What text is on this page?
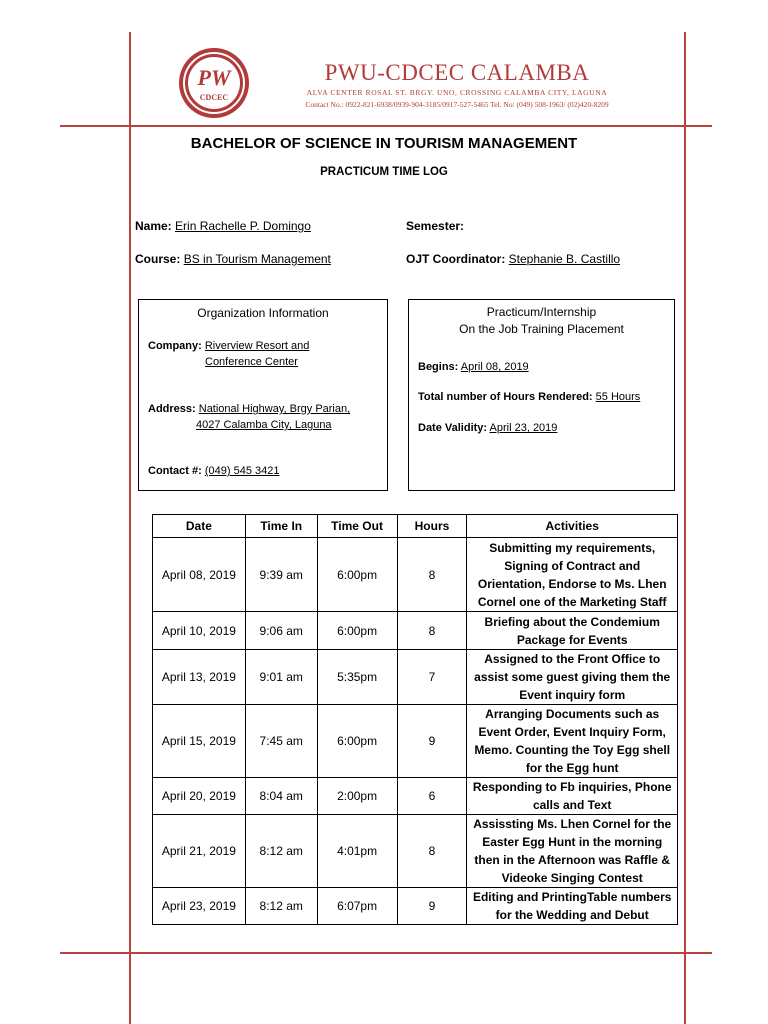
PW
CDCEC
PWU-CDCEC CALAMBA
ALVA CENTER ROSAL ST. BRGY. UNO, CROSSING CALAMBA CITY, LAGUNA
Contact No.: 0922-821-6938/0939-904-3185/0917-527-5465 Tel. No: (049) 508-1963/ (02)420-8209
BACHELOR OF SCIENCE IN TOURISM MANAGEMENT
PRACTICUM TIME LOG
Name: Erin Rachelle P. Domingo	Semester:
Course: BS in Tourism Management	OJT Coordinator: Stephanie B. Castillo
Organization Information
Company: Riverview Resort and
Conference Center
Address: National Highway, Brgy Parian,
4027 Calamba City, Laguna
Contact #: (049) 545 3421
Practicum/Internship
On the Job Training Placement
Begins: April 08, 2019
Total number of Hours Rendered: 55 Hours
Date Validity: April 23, 2019
Date	Time In	Time Out	Hours	Activities
April 08, 2019	9:39 am	6:00pm	8	Submitting my requirements,
Signing of Contract and
Orientation, Endorse to Ms. Lhen
Cornel one of the Marketing Staff

April 10, 2019	9:06 am	6:00pm	8	Briefing about the Condemium
Package for Events

April 13, 2019	9:01 am	5:35pm	7	Assigned to the Front Office to
assist some guest giving them the
Event inquiry form

April 15, 2019	7:45 am	6:00pm	9	Arranging Documents such as
Event Order, Event Inquiry Form,
Memo. Counting the Toy Egg shell
for the Egg hunt

April 20, 2019	8:04 am	2:00pm	6	Responding to Fb inquiries, Phone
calls and Text

April 21, 2019	8:12 am	4:01pm	8	Assissting Ms. Lhen Cornel for the
Easter Egg Hunt in the morning
then in the Afternoon was Raffle &
Videoke Singing Contest

April 23, 2019	8:12 am	6:07pm	9	Editing and PrintingTable numbers
for the Wedding and Debut
